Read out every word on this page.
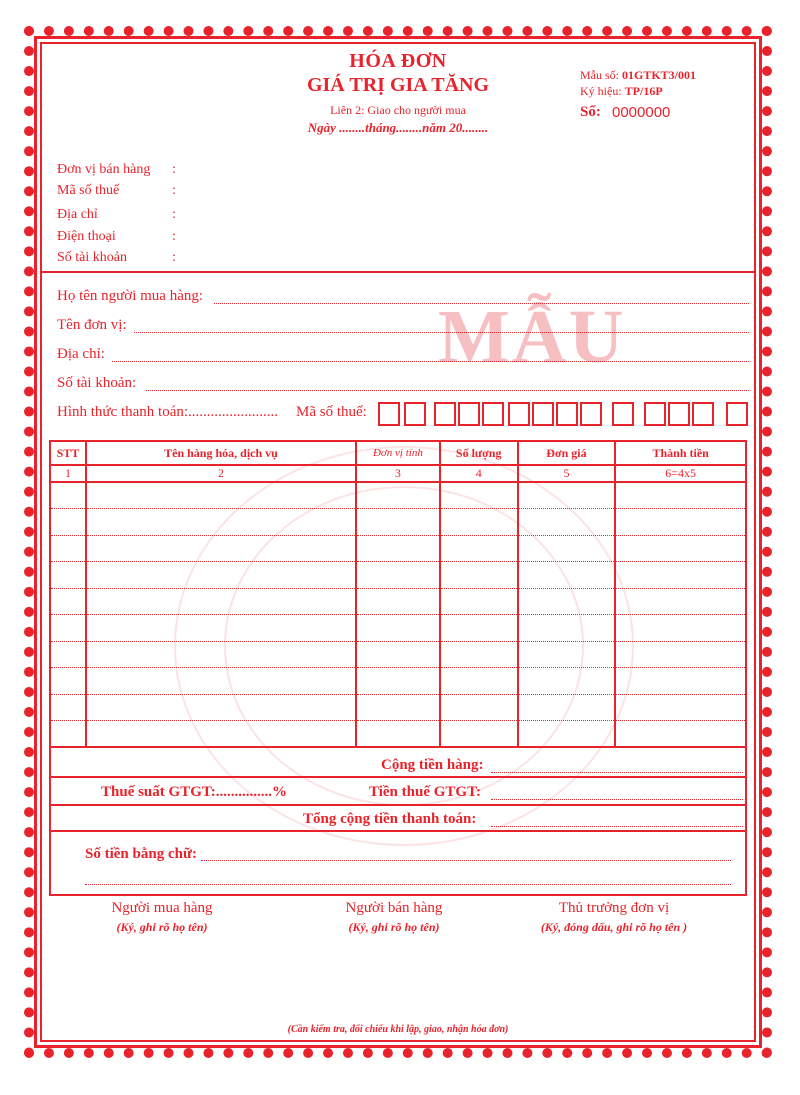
MẪU
HÓA ĐƠN
GIÁ TRỊ GIA TĂNG
Liên 2: Giao cho người mua
Ngày ........tháng........năm 20........
Mẫu số: 01GTKT3/001
Ký hiệu: TP/16P
Số: 0000000
Đơn vị bán hàng
Mã số thuế
Địa chỉ
Điện thoại
Số tài khoản
:
:
:
:
:
Họ tên người mua hàng:
Tên đơn vị:
Địa chỉ:
Số tài khoản:
Hình thức thanh toán:........................ Mã số thuế:
STT	Tên hàng hóa, dịch vụ	Đơn vị tính	Số lượng	Đơn giá	Thành tiền
1	2	3	4	5	6=4x5

Cộng tiền hàng:
Thuế suất GTGT:...............%	Tiền thuế GTGT:
Tổng cộng tiền thanh toán:
Số tiền bằng chữ:
Người mua hàng
(Ký, ghi rõ họ tên)
Người bán hàng
(Ký, ghi rõ họ tên)
Thủ trưởng đơn vị
(Ký, đóng dấu, ghi rõ họ tên )
(Cần kiểm tra, đối chiếu khi lập, giao, nhận hóa đơn)
